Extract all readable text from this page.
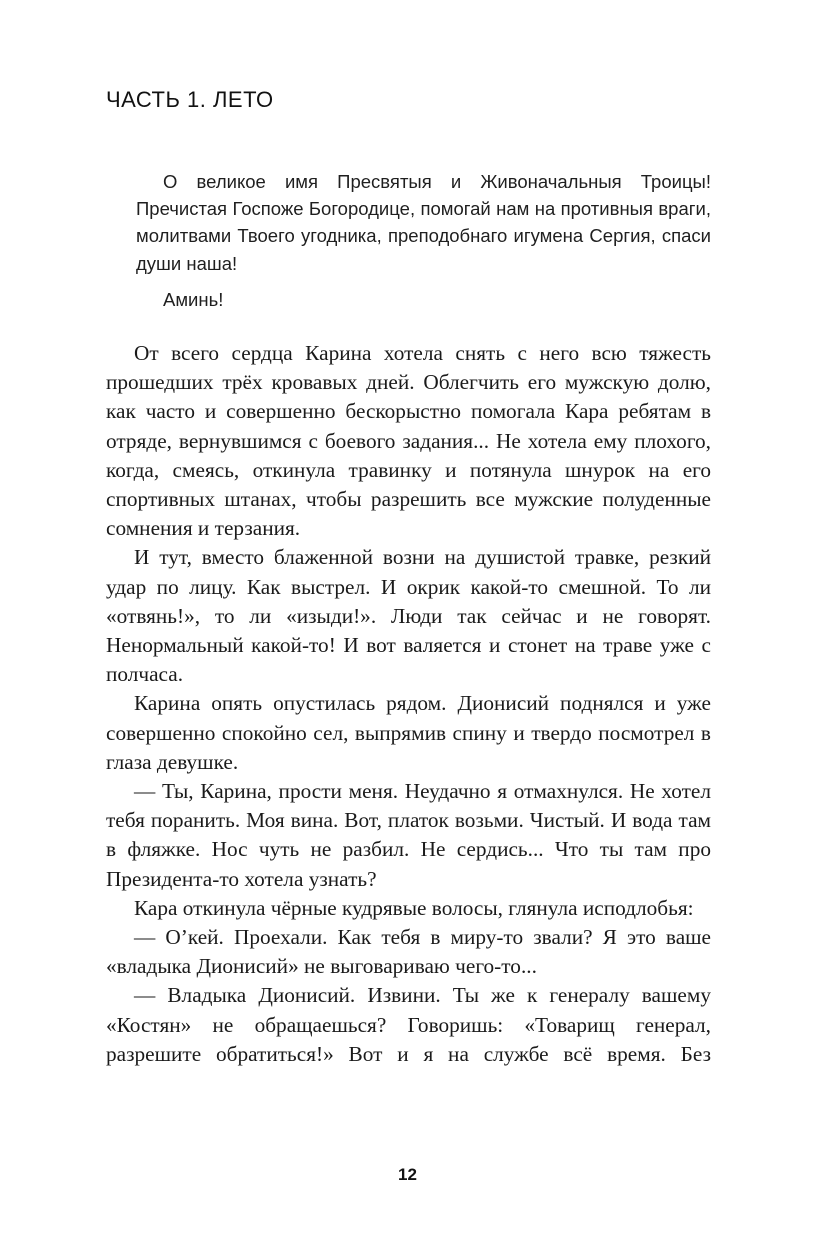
ЧАСТЬ 1. ЛЕТО

О великое имя Пресвятыя и Живоначальныя Троицы! Пречистая Госпоже Богородице, помогай нам на противныя враги, молитвами Твоего угодника, преподобнаго игумена Сергия, спаси души наша!

Аминь!

От всего сердца Карина хотела снять с него всю тяжесть прошедших трёх кровавых дней. Облегчить его мужскую долю, как часто и совершенно бескорыстно помогала Кара ребятам в отряде, вернувшимся с боевого задания... Не хотела ему плохого, когда, смеясь, откинула травинку и потянула шнурок на его спортивных штанах, чтобы разрешить все мужские полуденные сомнения и терзания.

И тут, вместо блаженной возни на душистой травке, резкий удар по лицу. Как выстрел. И окрик какой-то смешной. То ли «отвянь!», то ли «изыди!». Люди так сейчас и не говорят. Ненормальный какой-то! И вот валяется и стонет на траве уже с полчаса.

Карина опять опустилась рядом. Дионисий поднялся и уже совершенно спокойно сел, выпрямив спину и твердо посмотрел в глаза девушке.

— Ты, Карина, прости меня. Неудачно я отмахнулся. Не хотел тебя поранить. Моя вина. Вот, платок возьми. Чистый. И вода там в фляжке. Нос чуть не разбил. Не сердись... Что ты там про Президента-то хотела узнать?

Кара откинула чёрные кудрявые волосы, глянула исподлобья:

— О’кей. Проехали. Как тебя в миру-то звали? Я это ваше «владыка Дионисий» не выговариваю чего-то...

— Владыка Дионисий. Извини. Ты же к генералу вашему «Костян» не обращаешься? Говоришь: «Товарищ генерал, разрешите обратиться!» Вот и я на службе всё время. Без

12
